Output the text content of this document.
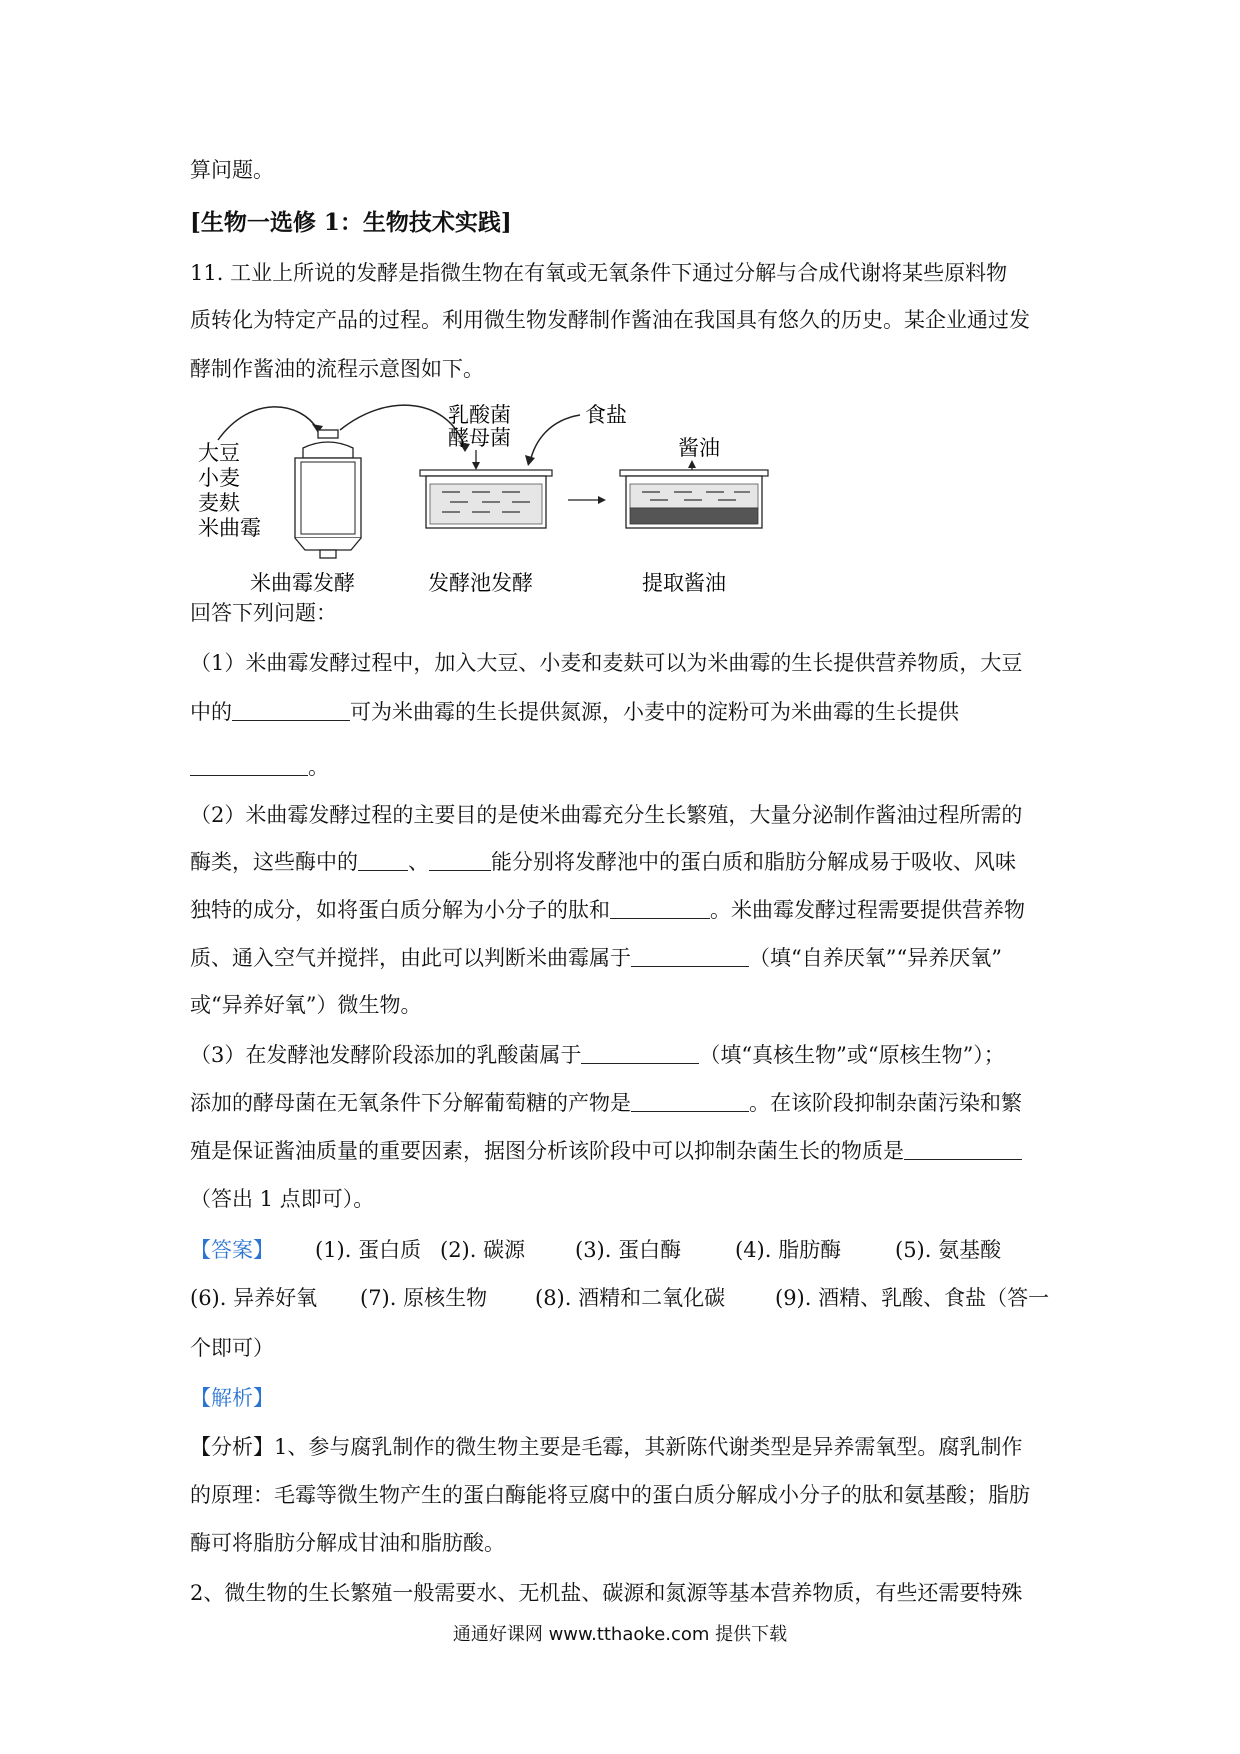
算问题。
[生物一选修 1：生物技术实践]
11. 工业上所说的发酵是指微生物在有氧或无氧条件下通过分解与合成代谢将某些原料物
质转化为特定产品的过程。利用微生物发酵制作酱油在我国具有悠久的历史。某企业通过发
酵制作酱油的流程示意图如下。
大豆
小麦
麦麸
米曲霉
乳酸菌
酵母菌
食盐
酱油
米曲霉发酵	发酵池发酵	提取酱油
回答下列问题：
（1）米曲霉发酵过程中，加入大豆、小麦和麦麸可以为米曲霉的生长提供营养物质，大豆
中的	可为米曲霉的生长提供氮源，小麦中的淀粉可为米曲霉的生长提供
。
（2）米曲霉发酵过程的主要目的是使米曲霉充分生长繁殖，大量分泌制作酱油过程所需的
酶类，这些酶中的 、	能分别将发酵池中的蛋白质和脂肪分解成易于吸收、风味
独特的成分，如将蛋白质分解为小分子的肽和	。米曲霉发酵过程需要提供营养物
质、通入空气并搅拌，由此可以判断米曲霉属于	（填“自养厌氧”“异养厌氧”
或“异养好氧”）微生物。
（3）在发酵池发酵阶段添加的乳酸菌属于	（填“真核生物”或“原核生物”）；
添加的酵母菌在无氧条件下分解葡萄糖的产物是	。在该阶段抑制杂菌污染和繁
殖是保证酱油质量的重要因素，据图分析该阶段中可以抑制杂菌生长的物质是
（答出 1 点即可）。
【答案】 (1). 蛋白质 (2). 碳源 (3). 蛋白酶	(4). 脂肪酶	(5). 氨基酸
(6). 异养好氧 (7). 原核生物 (8). 酒精和二氧化碳 (9). 酒精、乳酸、食盐（答一
个即可）
【解析】
【分析】1、参与腐乳制作的微生物主要是毛霉，其新陈代谢类型是异养需氧型。腐乳制作
的原理：毛霉等微生物产生的蛋白酶能将豆腐中的蛋白质分解成小分子的肽和氨基酸；脂肪
酶可将脂肪分解成甘油和脂肪酸。
2、微生物的生长繁殖一般需要水、无机盐、碳源和氮源等基本营养物质，有些还需要特殊
通通好课网 www.tthaoke.com 提供下载
